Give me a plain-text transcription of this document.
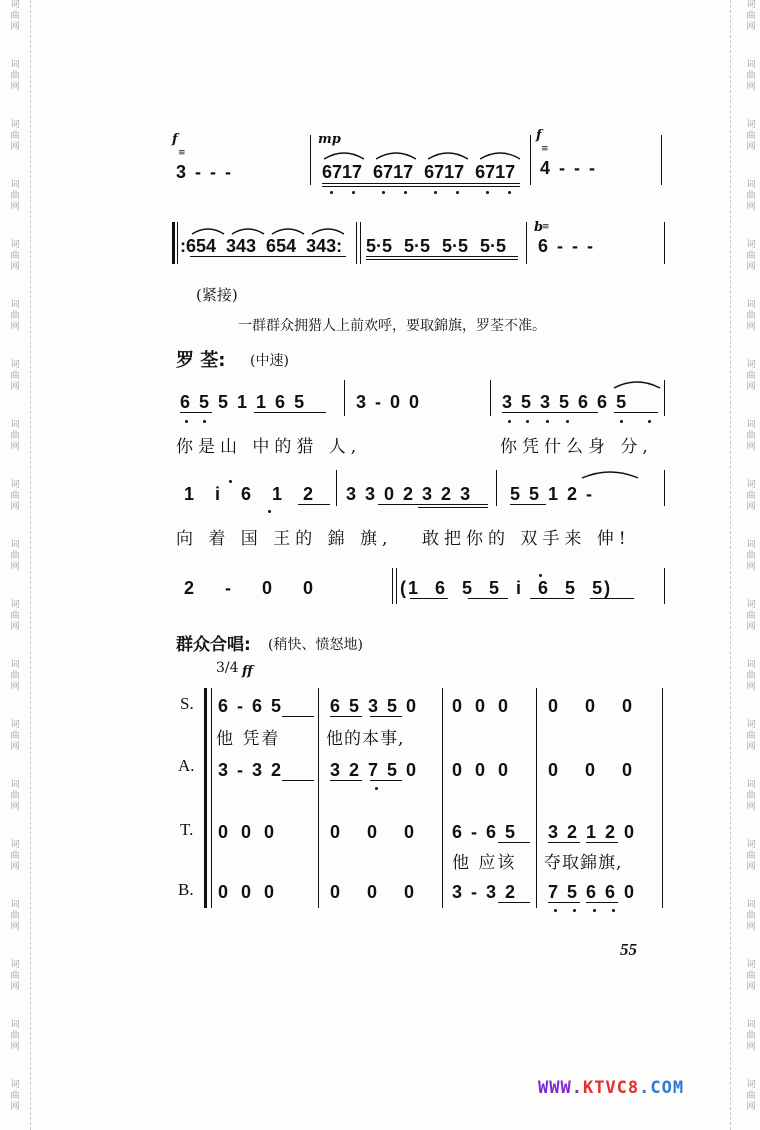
词
曲
网
词
曲
网
词
曲
网
词
曲
网
词
曲
网
词
曲
网
词
曲
网
词
曲
网
词
曲
网
词
曲
网
词
曲
网
词
曲
网
词
曲
网
词
曲
网
词
曲
网
词
曲
网
词
曲
网
词
曲
网
词
曲
网
词
曲
网
词
曲
网
词
曲
网
词
曲
网
词
曲
网
词
曲
网
词
曲
网
词
曲
网
词
曲
网
词
曲
网
词
曲
网
词
曲
网
词
曲
网
词
曲
网
词
曲
网
词
曲
网
词
曲
网
词
曲
网
词
曲
网
f
≡
3 - - -
mp
6717 6717 6717 6717
f
≡
4 - - -
:654 343 654 343: 5·5 5·5 5·5 5·5
b
≡
6 - - -
(紧接)
一群群众拥猎人上前欢呼，要取錦旗，罗荃不准。
罗 荃: (中速)
6 5 5 1 1 6 5	3 - 0 0	3 5 3 5 6 6 5
你是山 中的猎 人,	你凭什么身 分,
1 i 6 1 2 3 3 0 2 3 2 3 5 5 1 2 -
向 着 国 王的 錦 旗, 敢把你的 双手来 伸!
2 - 0 0	(1 6 5 5 i 6 5 5)
群众合唱: (稍快、愤怒地)
3/4 ff
S.
A.
T.
B.
6 - 6 5	6 5 3 5 0 0 0 0 0 0 0
他 凭着	他的本事,
3 - 3 2	3 2 7 5 0 0 0 0 0 0 0
0 0 0	0 0 0 6 - 6 5 3 2 1 2 0
他 应该 夺取錦旗,
0 0 0	0 0 0 3 - 3 2 7 5 6 6 0
55
WWW.KTVC8.COM
